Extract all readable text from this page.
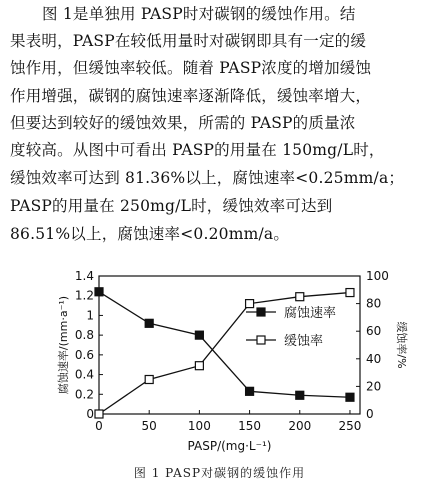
图 1是单独用 PASP时对碳钢的缓蚀作用。结
果表明，PASP在较低用量时对碳钢即具有一定的缓
蚀作用，但缓蚀率较低。随着 PASP浓度的增加缓蚀
作用增强，碳钢的腐蚀速率逐渐降低，缓蚀率增大，
但要达到较好的缓蚀效果，所需的 PASP的质量浓
度较高。从图中可看出 PASP的用量在 150mg/L时，
缓蚀效率可达到 81.36%以上，腐蚀速率<0.25mm/a；
PASP的用量在 250mg/L时，缓蚀效率可达到
86.51%以上，腐蚀速率<0.20mm/a。
0	50	100 150 200 250
0
0.2
0.4
0.6
0.8
1
1.2
1.4
0
20
40
60
80
100
PASP/(mg·L⁻¹)
腐蚀速率/(mm·a⁻¹)	缓蚀率/%
腐蚀速率
缓蚀率
图 1 PASP对碳钢的缓蚀作用
